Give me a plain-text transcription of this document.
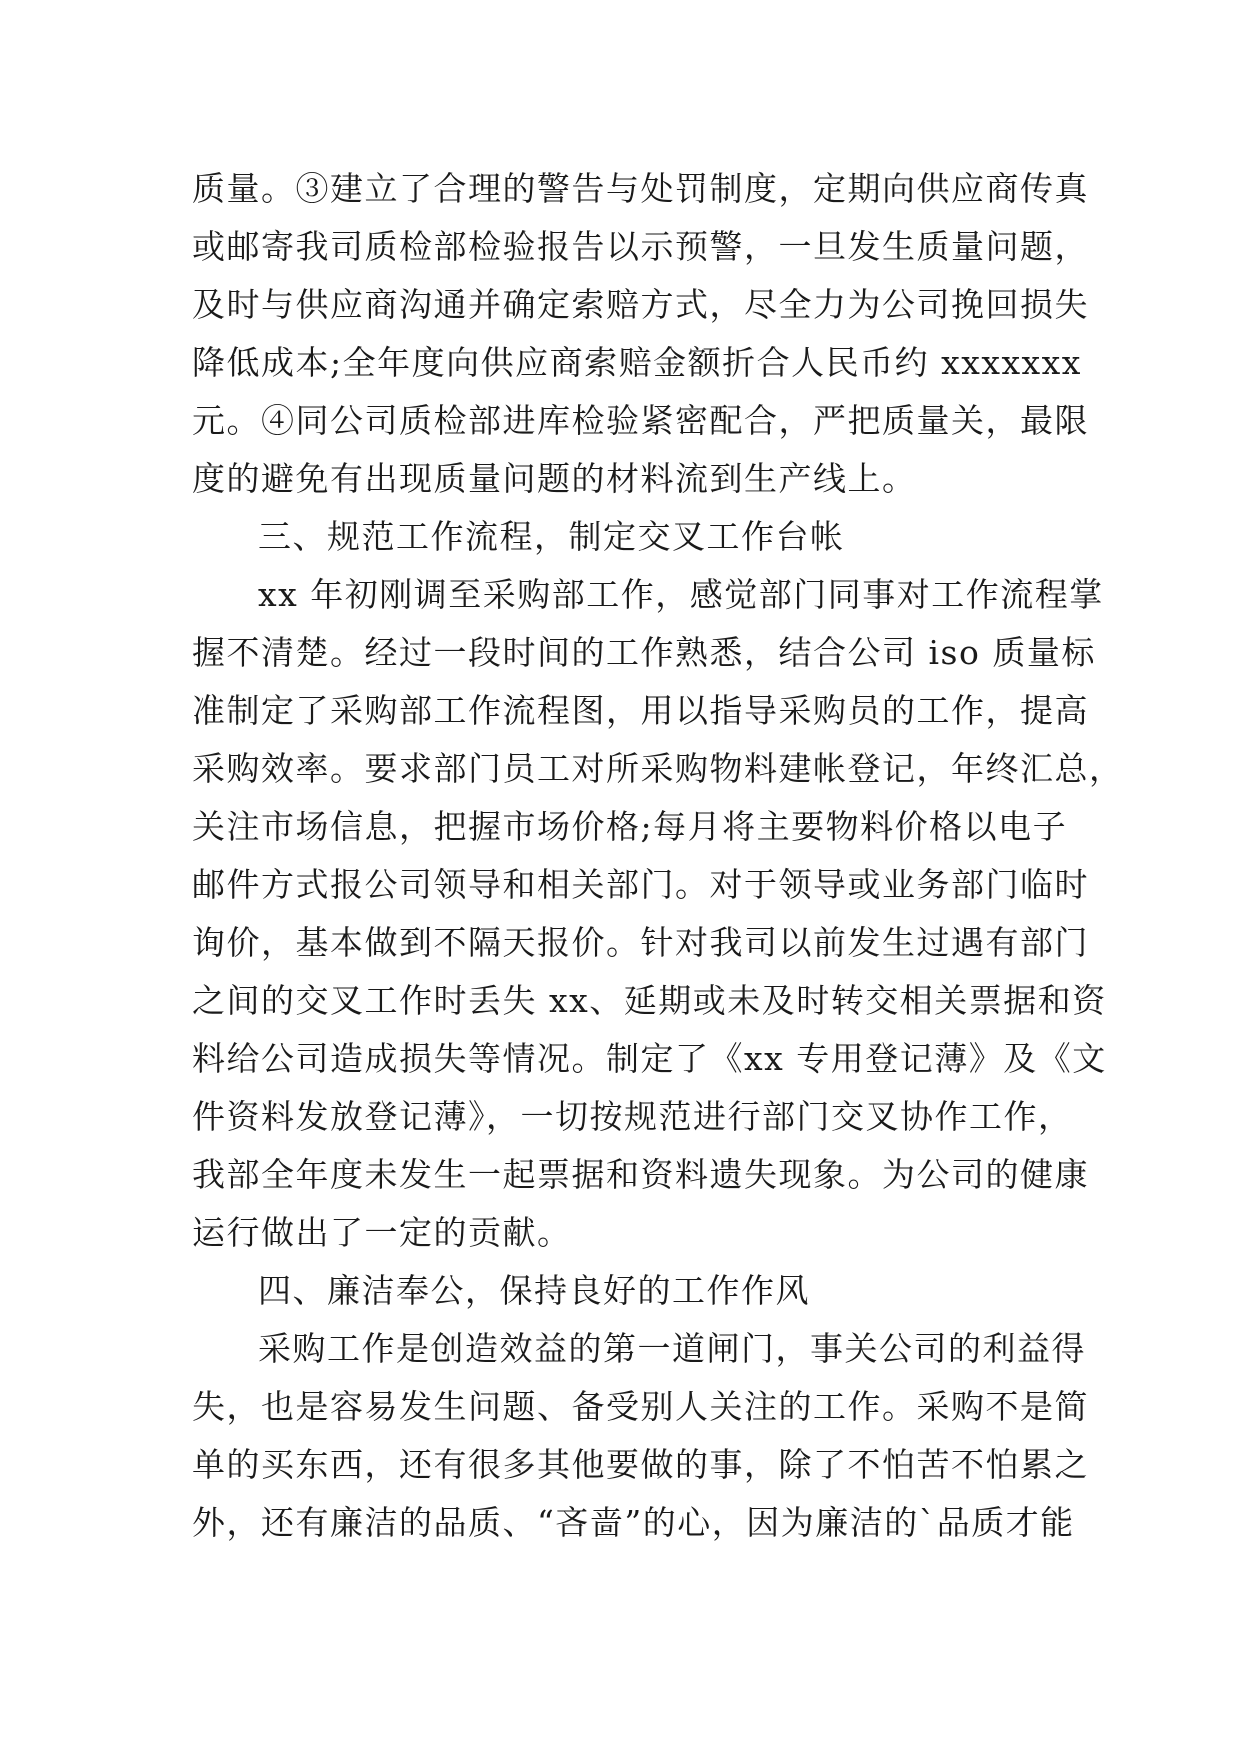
质量。③建立了合理的警告与处罚制度，定期向供应商传真
或邮寄我司质检部检验报告以示预警，一旦发生质量问题，
及时与供应商沟通并确定索赔方式，尽全力为公司挽回损失
降低成本;全年度向供应商索赔金额折合人民币约 xxxxxxx
元。④同公司质检部进库检验紧密配合，严把质量关，最限
度的避免有出现质量问题的材料流到生产线上。
三、规范工作流程，制定交叉工作台帐
xx 年初刚调至采购部工作，感觉部门同事对工作流程掌
握不清楚。经过一段时间的工作熟悉，结合公司 iso 质量标
准制定了采购部工作流程图，用以指导采购员的工作，提高
采购效率。要求部门员工对所采购物料建帐登记，年终汇总，
关注市场信息，把握市场价格;每月将主要物料价格以电子
邮件方式报公司领导和相关部门。对于领导或业务部门临时
询价，基本做到不隔天报价。针对我司以前发生过遇有部门
之间的交叉工作时丢失 xx、延期或未及时转交相关票据和资
料给公司造成损失等情况。制定了《xx 专用登记薄》及《文
件资料发放登记薄》，一切按规范进行部门交叉协作工作，
我部全年度未发生一起票据和资料遗失现象。为公司的健康
运行做出了一定的贡献。
四、廉洁奉公，保持良好的工作作风
采购工作是创造效益的第一道闸门，事关公司的利益得
失，也是容易发生问题、备受别人关注的工作。采购不是简
单的买东西，还有很多其他要做的事，除了不怕苦不怕累之
外，还有廉洁的品质、“吝啬”的心，因为廉洁的`品质才能
